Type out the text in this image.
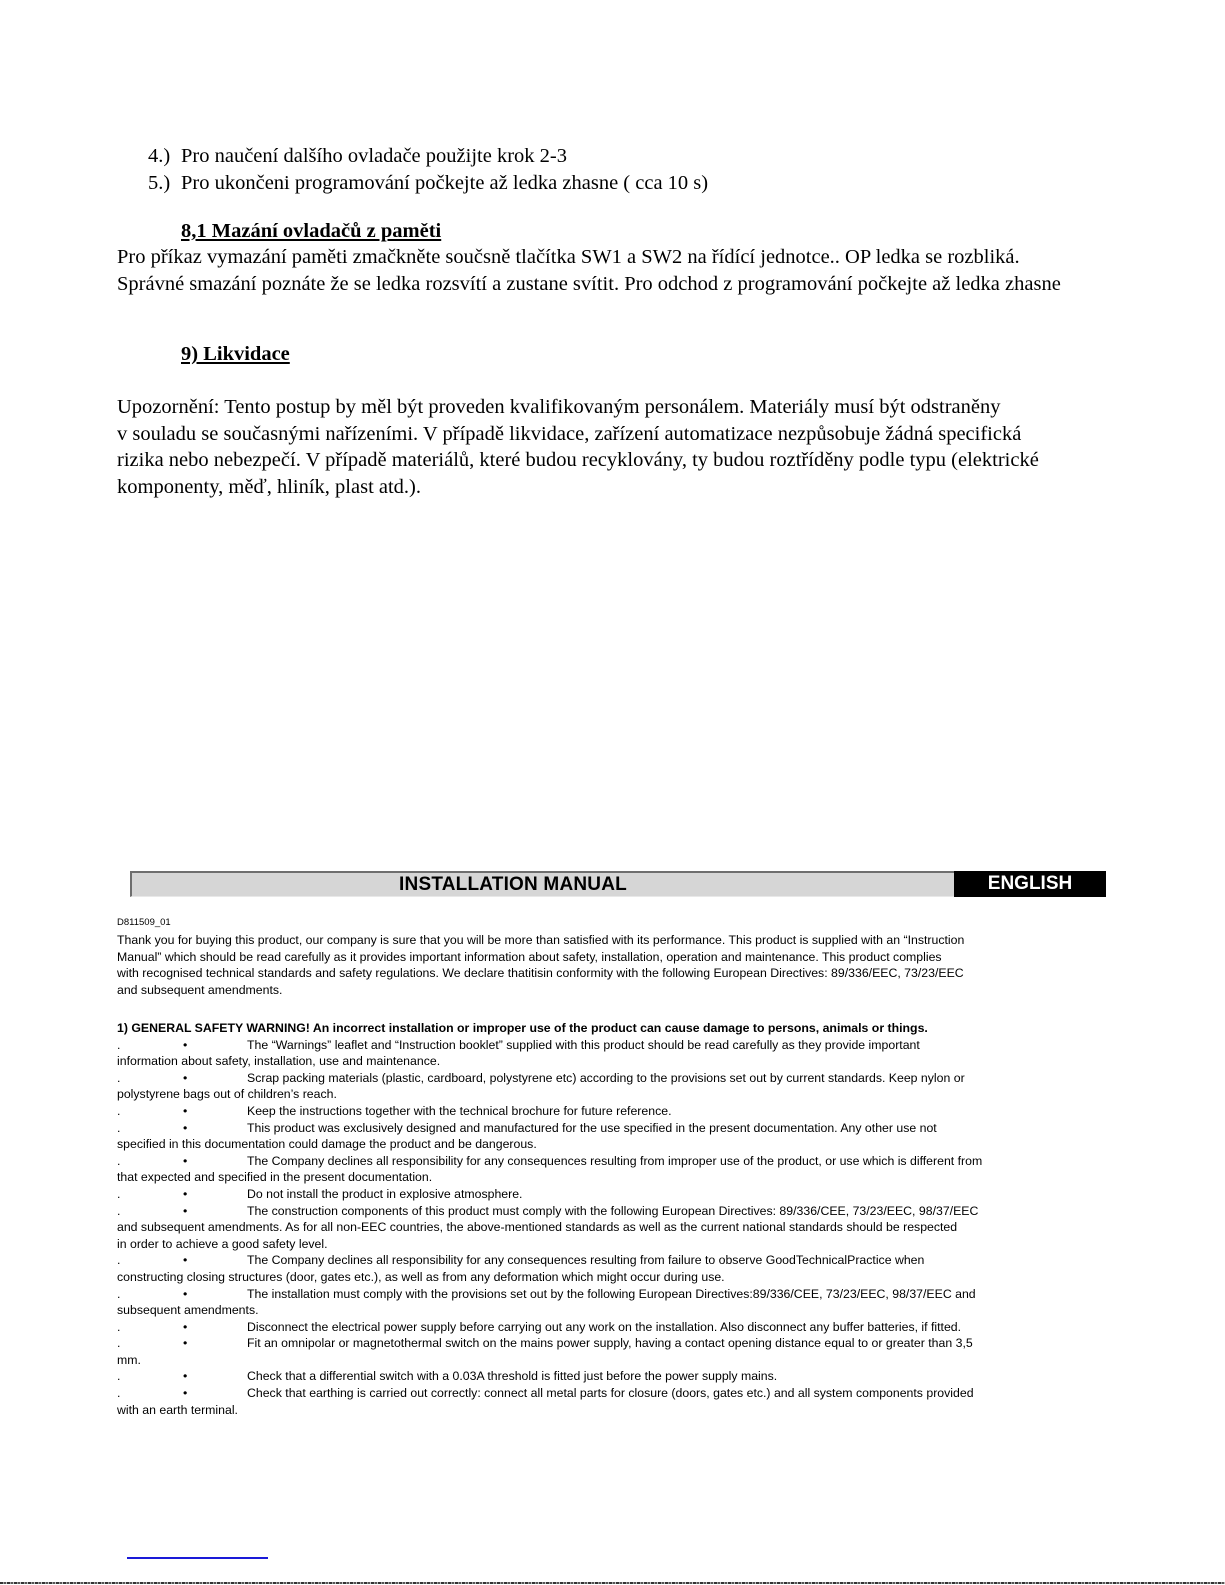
4.) Pro naučení dalšího ovladače použijte krok 2-3
5.) Pro ukončeni programování počkejte až ledka zhasne ( cca 10 s)
8,1 Mazání ovladačů z paměti
Pro příkaz vymazání paměti zmačkněte součsně tlačítka SW1 a SW2 na řídící jednotce.. OP ledka se rozbliká.
Správné smazání poznáte že se ledka rozsvítí a zustane svítit. Pro odchod z programování počkejte až ledka zhasne
9) Likvidace
Upozornění: Tento postup by měl být proveden kvalifikovaným personálem. Materiály musí být odstraněny
v souladu se současnými nařízeními. V případě likvidace, zařízení automatizace nezpůsobuje žádná specifická
rizika nebo nebezpečí. V případě materiálů, které budou recyklovány, ty budou roztříděny podle typu (elektrické
komponenty, měď, hliník, plast atd.).
INSTALLATION MANUAL	ENGLISH
D811509_01
Thank you for buying this product, our company is sure that you will be more than satisfied with its performance. This product is supplied with an “Instruction
Manual” which should be read carefully as it provides important information about safety, installation, operation and maintenance. This product complies
with recognised technical standards and safety regulations. We declare thatitisin conformity with the following European Directives: 89/336/EEC, 73/23/EEC
and subsequent amendments.
1) GENERAL SAFETY WARNING! An incorrect installation or improper use of the product can cause damage to persons, animals or things.
.	•	The “Warnings” leaflet and “Instruction booklet” supplied with this product should be read carefully as they provide important
information about safety, installation, use and maintenance.
.	•	Scrap packing materials (plastic, cardboard, polystyrene etc) according to the provisions set out by current standards. Keep nylon or
polystyrene bags out of children’s reach.
.	•	Keep the instructions together with the technical brochure for future reference.
.	•	This product was exclusively designed and manufactured for the use specified in the present documentation. Any other use not
specified in this documentation could damage the product and be dangerous.
.	•	The Company declines all responsibility for any consequences resulting from improper use of the product, or use which is different from
that expected and specified in the present documentation.
.	•	Do not install the product in explosive atmosphere.
.	•	The construction components of this product must comply with the following European Directives: 89/336/CEE, 73/23/EEC, 98/37/EEC
and subsequent amendments. As for all non-EEC countries, the above-mentioned standards as well as the current national standards should be respected
in order to achieve a good safety level.
.	•	The Company declines all responsibility for any consequences resulting from failure to observe GoodTechnicalPractice when
constructing closing structures (door, gates etc.), as well as from any deformation which might occur during use.
.	•	The installation must comply with the provisions set out by the following European Directives:89/336/CEE, 73/23/EEC, 98/37/EEC and
subsequent amendments.
.	•	Disconnect the electrical power supply before carrying out any work on the installation. Also disconnect any buffer batteries, if fitted.
.	•	Fit an omnipolar or magnetothermal switch on the mains power supply, having a contact opening distance equal to or greater than 3,5
mm.
.	•	Check that a differential switch with a 0.03A threshold is fitted just before the power supply mains.
.	•	Check that earthing is carried out correctly: connect all metal parts for closure (doors, gates etc.) and all system components provided
with an earth terminal.
